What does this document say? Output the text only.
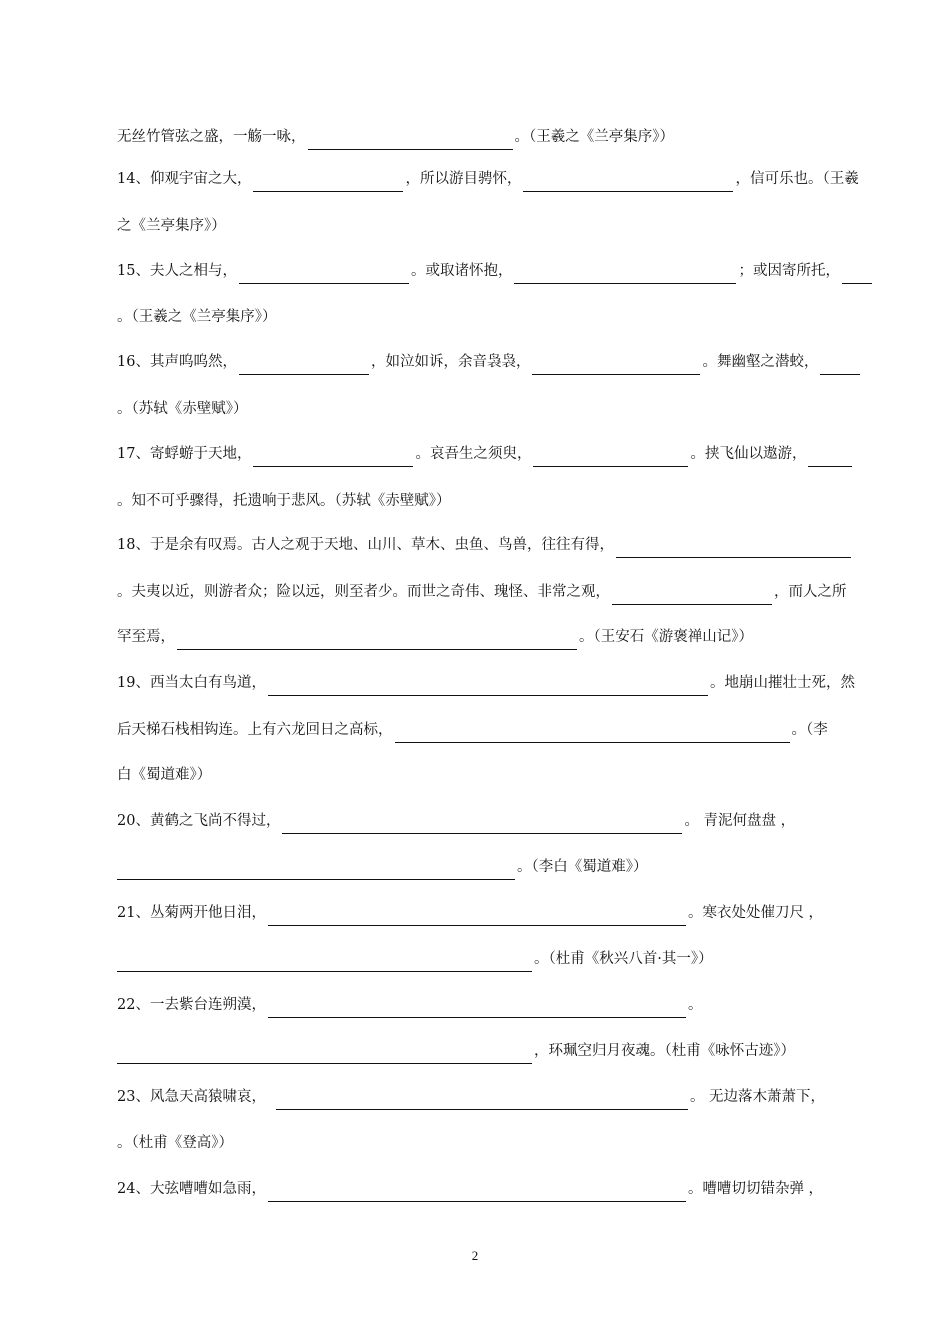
无丝竹管弦之盛，一觞一咏，	。（王羲之《兰亭集序》）
14、仰观宇宙之大，	，所以游目骋怀，	，信可乐也。（王羲
之《兰亭集序》）
15、夫人之相与，	。或取诸怀抱，	；或因寄所托，
。（王羲之《兰亭集序》）
16、其声呜呜然，	，如泣如诉，余音袅袅，	。舞幽壑之潜蛟，
。（苏轼《赤壁赋》）
17、寄蜉蝣于天地，	。哀吾生之须臾，	。挟飞仙以遨游，
。知不可乎骤得，托遗响于悲风。（苏轼《赤壁赋》）
18、于是余有叹焉。古人之观于天地、山川、草木、虫鱼、鸟兽，往往有得，
。夫夷以近，则游者众；险以远，则至者少。而世之奇伟、瑰怪、非常之观，	，而人之所
罕至焉，	。（王安石《游褒禅山记》）
19、西当太白有鸟道，	。地崩山摧壮士死，然
后天梯石栈相钩连。上有六龙回日之高标，	。（李
白《蜀道难》）
20、黄鹤之飞尚不得过，	。 青泥何盘盘 ，
。（李白《蜀道难》）
21、丛菊两开他日泪，	。寒衣处处催刀尺 ，
。（杜甫《秋兴八首·其一》）
22、一去紫台连朔漠，	。
，环珮空归月夜魂。（杜甫《咏怀古迹》）
23、风急天高猿啸哀，	。 无边落木萧萧下，
。（杜甫《登高》）
24、大弦嘈嘈如急雨，	。嘈嘈切切错杂弹 ，
2
